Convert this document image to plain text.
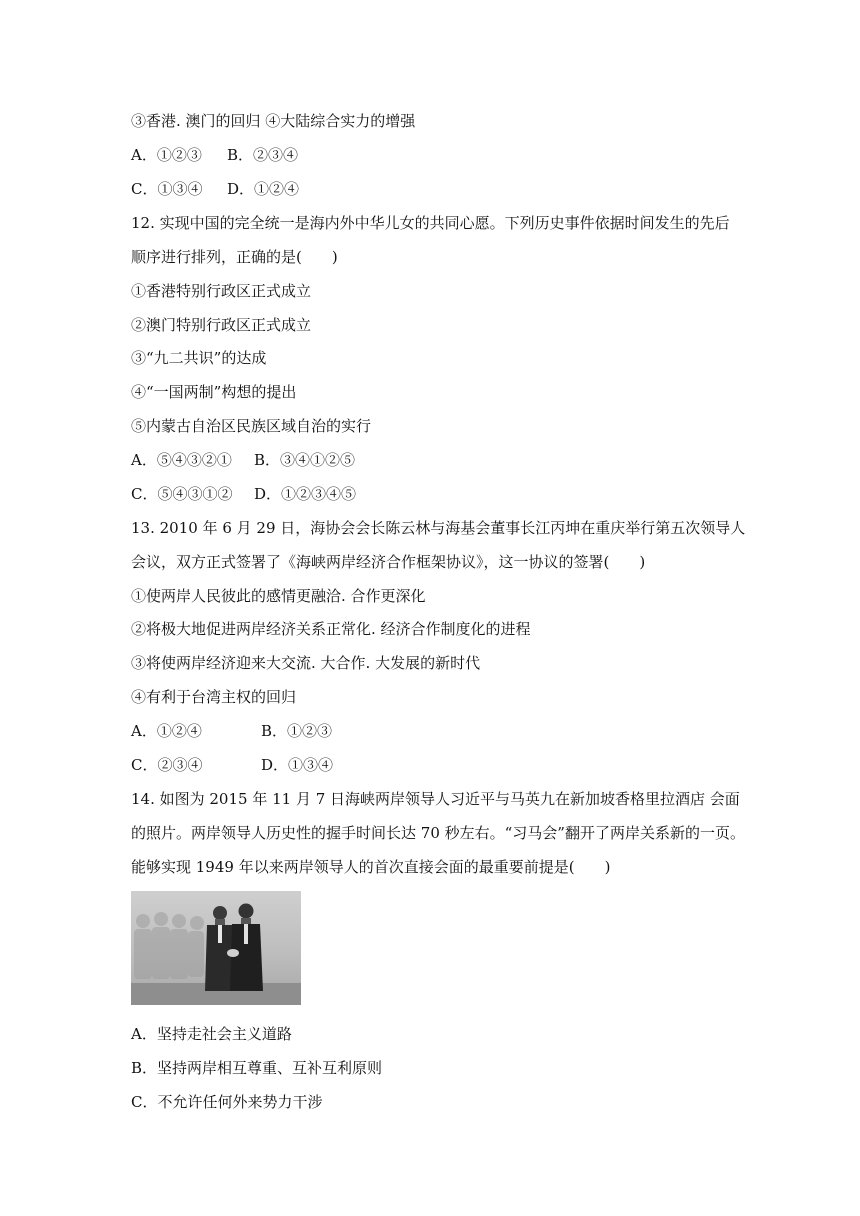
③香港. 澳门的回归 ④大陆综合实力的增强
A．①②③ B．②③④
C．①③④ D．①②④
12. 实现中国的完全统一是海内外中华儿女的共同心愿。下列历史事件依据时间发生的先后
顺序进行排列，正确的是(　　)
①香港特别行政区正式成立
②澳门特别行政区正式成立
③“九二共识”的达成
④“一国两制”构想的提出
⑤内蒙古自治区民族区域自治的实行
A．⑤④③②① B．③④①②⑤
C．⑤④③①② D．①②③④⑤
13. 2010 年 6 月 29 日，海协会会长陈云林与海基会董事长江丙坤在重庆举行第五次领导人
会议，双方正式签署了《海峡两岸经济合作框架协议》，这一协议的签署(　　)
①使两岸人民彼此的感情更融洽. 合作更深化
②将极大地促进两岸经济关系正常化. 经济合作制度化的进程
③将使两岸经济迎来大交流. 大合作. 大发展的新时代
④有利于台湾主权的回归
A．①②④	B．①②③
C．②③④	D．①③④
14. 如图为 2015 年 11 月 7 日海峡两岸领导人习近平与马英九在新加坡香格里拉酒店 会面
的照片。两岸领导人历史性的握手时间长达 70 秒左右。“习马会”翻开了两岸关系新的一页。
能够实现 1949 年以来两岸领导人的首次直接会面的最重要前提是(　　)
A．坚持走社会主义道路
B．坚持两岸相互尊重、互补互利原则
C．不允许任何外来势力干涉
